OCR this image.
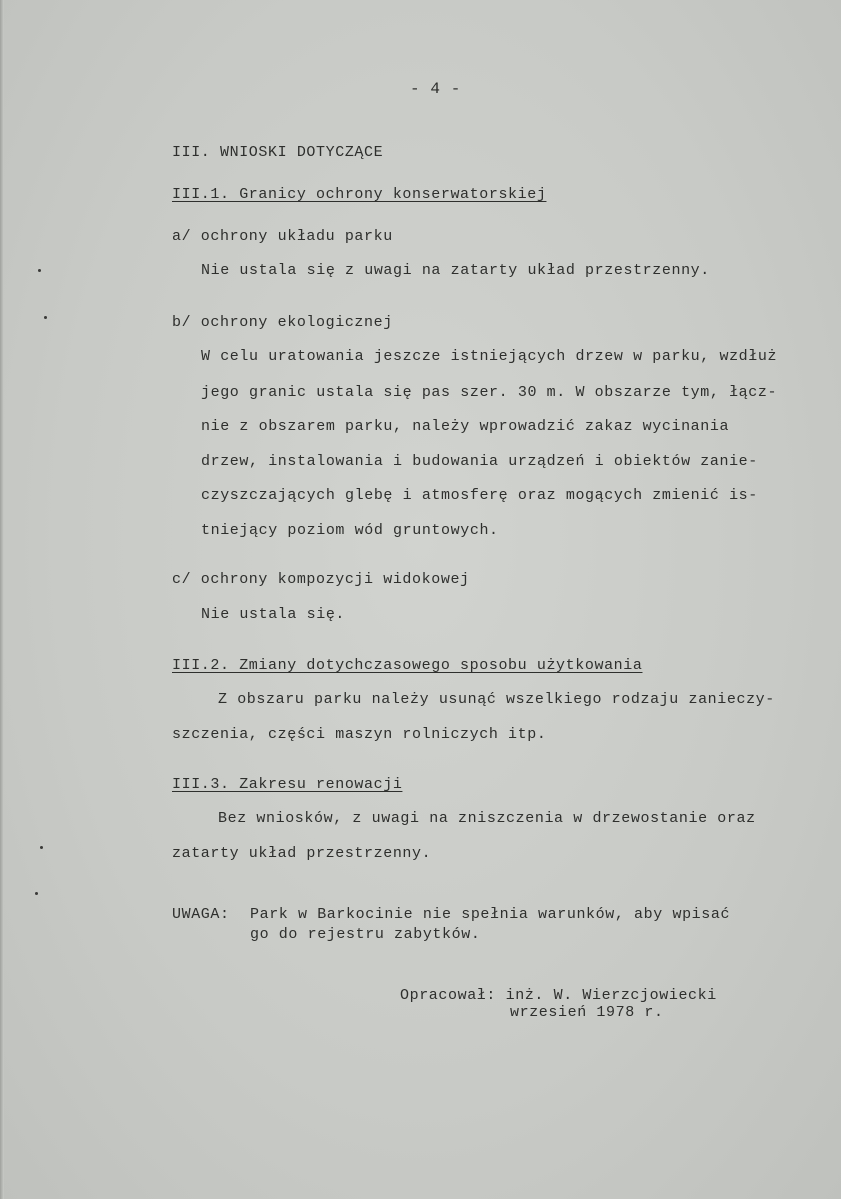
- 4 -
III. WNIOSKI DOTYCZĄCE
III.1. Granicy ochrony konserwatorskiej
a/ ochrony układu parku
Nie ustala się z uwagi na zatarty układ przestrzenny.
b/ ochrony ekologicznej
W celu uratowania jeszcze istniejących drzew w parku, wzdłuż
jego granic ustala się pas szer. 30 m. W obszarze tym, łącz-
nie z obszarem parku, należy wprowadzić zakaz wycinania
drzew, instalowania i budowania urządzeń i obiektów zanie-
czyszczających glebę i atmosferę oraz mogących zmienić is-
tniejący poziom wód gruntowych.
c/ ochrony kompozycji widokowej
Nie ustala się.
III.2. Zmiany dotychczasowego sposobu użytkowania
Z obszaru parku należy usunąć wszelkiego rodzaju zanieczy-
szczenia, części maszyn rolniczych itp.
III.3. Zakresu renowacji
Bez wniosków, z uwagi na zniszczenia w drzewostanie oraz
zatarty układ przestrzenny.
UWAGA: Park w Barkocinie nie spełnia warunków, aby wpisać
go do rejestru zabytków.
Opracował: inż. W. Wierzcjowiecki
wrzesień 1978 r.
